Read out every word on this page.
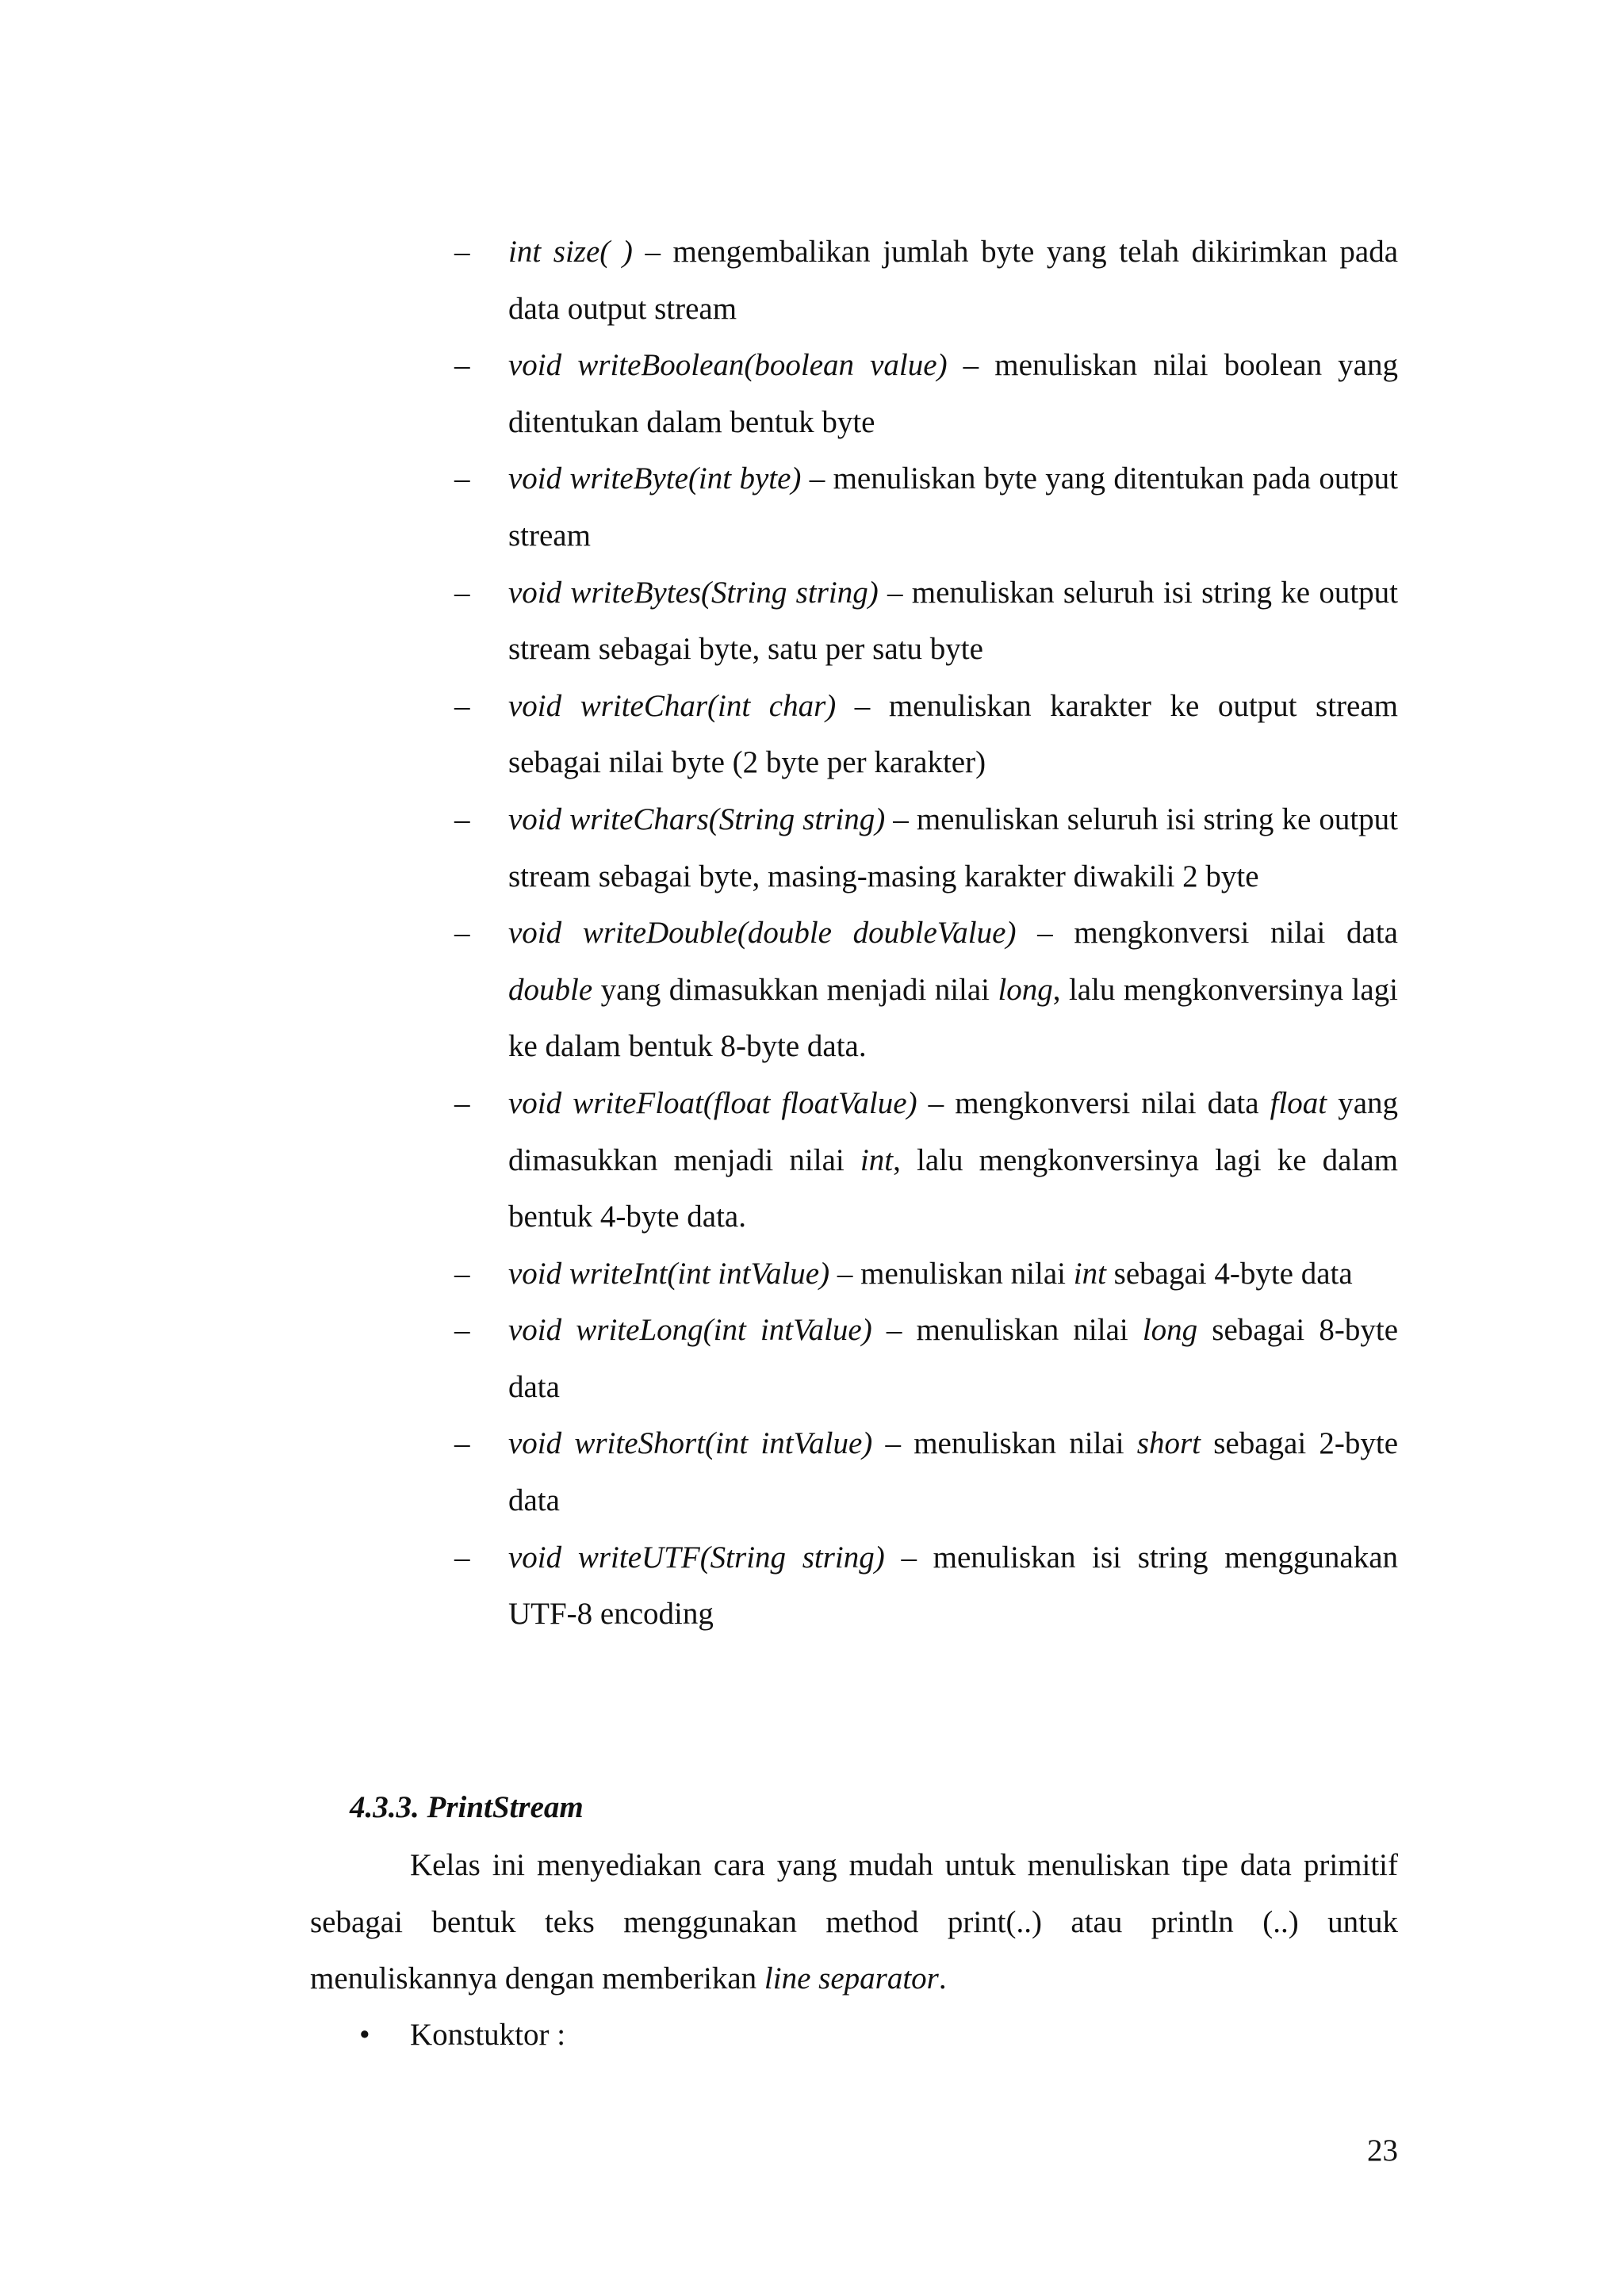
– int size( ) – mengembalikan jumlah byte yang telah dikirimkan pada data output stream
– void writeBoolean(boolean value) – menuliskan nilai boolean yang ditentukan dalam bentuk byte
– void writeByte(int byte) – menuliskan byte yang ditentukan pada output stream
– void writeBytes(String string) – menuliskan seluruh isi string ke output stream sebagai byte, satu per satu byte
– void writeChar(int char) – menuliskan karakter ke output stream sebagai nilai byte (2 byte per karakter)
– void writeChars(String string) – menuliskan seluruh isi string ke output stream sebagai byte, masing-masing karakter diwakili 2 byte
– void writeDouble(double doubleValue) – mengkonversi nilai data double yang dimasukkan menjadi nilai long, lalu mengkonversinya lagi ke dalam bentuk 8-byte data.
– void writeFloat(float floatValue) – mengkonversi nilai data float yang dimasukkan menjadi nilai int, lalu mengkonversinya lagi ke dalam bentuk 4-byte data.
– void writeInt(int intValue) – menuliskan nilai int sebagai 4-byte data
– void writeLong(int intValue) – menuliskan nilai long sebagai 8-byte data
– void writeShort(int intValue) – menuliskan nilai short sebagai 2-byte data
– void writeUTF(String string) – menuliskan isi string menggunakan UTF-8 encoding
4.3.3. PrintStream

Kelas ini menyediakan cara yang mudah untuk menuliskan tipe data primitif sebagai bentuk teks menggunakan method print(..) atau println (..) untuk menuliskannya dengan memberikan line separator.

• Konstuktor :
23
